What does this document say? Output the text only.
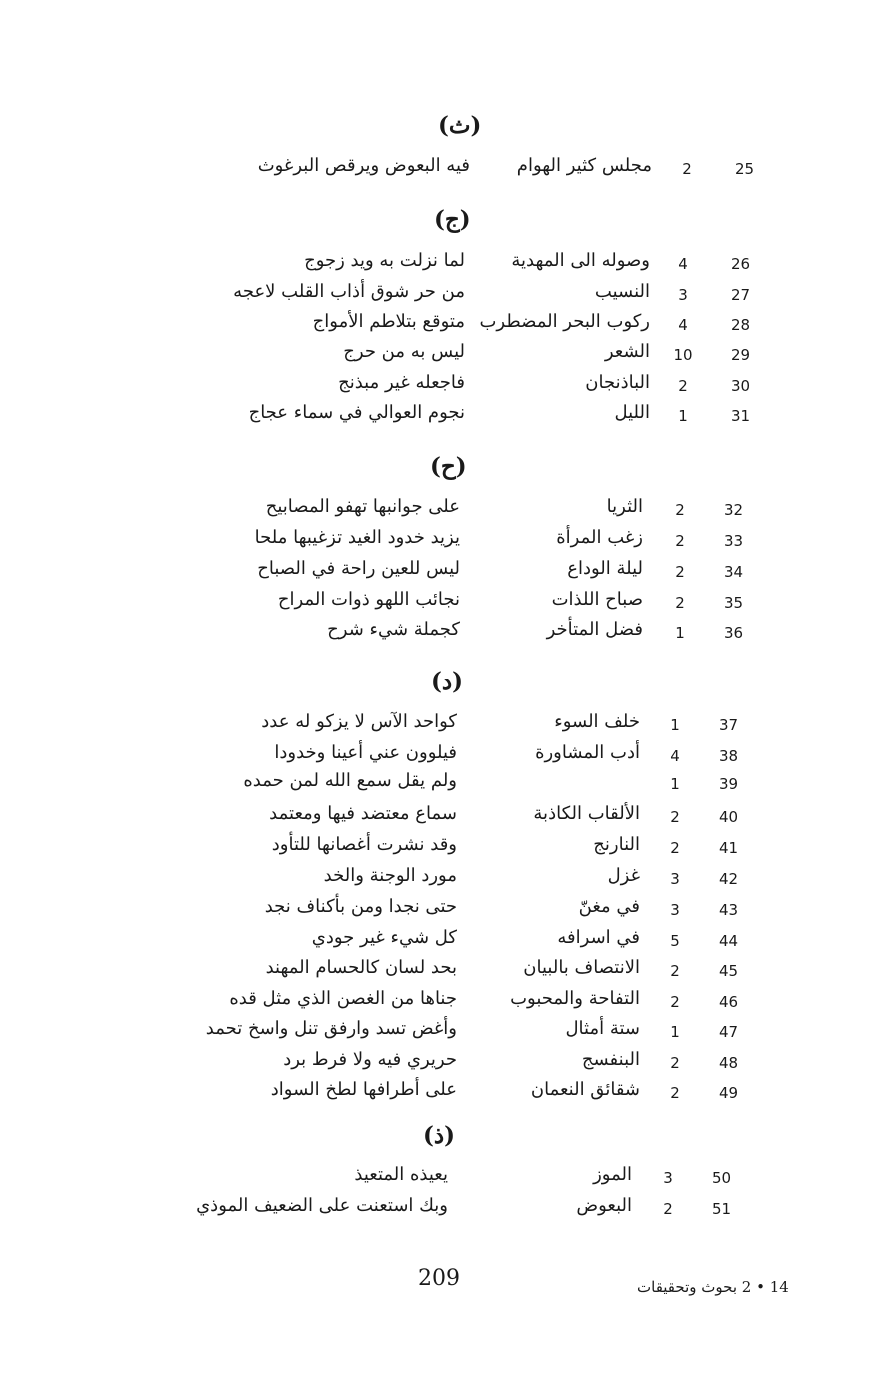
(ث)
25
2
مجلس كثير الهوام
فيه البعوض ويرقص البرغوث
(ج)
26
4
وصوله الى المهدية
لما نزلت به ويد زجوج
27
3
النسيب
من حر شوق أذاب القلب لاعجه
28
4
ركوب البحر المضطرب
متوقع بتلاطم الأمواج
29
10
الشعر
ليس به من حرج
30
2
الباذنجان
فاجعله غير مبذنج
31
1
الليل
نجوم العوالي في سماء عجاج
(ح)
32
2
الثريا
على جوانبها تهفو المصابيح
33
2
زغب المرأة
يزيد خدود الغيد تزغيبها ملحا
34
2
ليلة الوداع
ليس للعين راحة في الصباح
35
2
صباح اللذات
نجائب اللهو ذوات المراح
36
1
فضل المتأخر
كجملة شيء شرح
(د)
37
1
خلف السوء
كواحد الآس لا يزكو له عدد
38
4
أدب المشاورة
فيلوون عني أعينا وخدودا
39
1
ولم يقل سمع الله لمن حمده
40
2
الألقاب الكاذبة
سماع معتضد فيها ومعتمد
41
2
النارنج
وقد نشرت أغصانها للتأود
42
3
غزل
مورد الوجنة والخد
43
3
في مغنّ
حتى نجدا ومن بأكناف نجد
44
5
في اسرافه
كل شيء غير جودي
45
2
الانتصاف بالبيان
بحد لسان كالحسام المهند
46
2
التفاحة والمحبوب
جناها من الغصن الذي مثل قده
47
1
ستة أمثال
وأغض تسد وارفق تنل واسخ تحمد
48
2
البنفسج
حريري فيه ولا فرط برد
49
2
شقائق النعمان
على أطرافها لطخ السواد
(ذ)
50
3
الموز
يعيذه المتعيذ
51
2
البعوض
وبك استعنت على الضعيف الموذي
209	14 • 2 بحوث وتحقيقات
